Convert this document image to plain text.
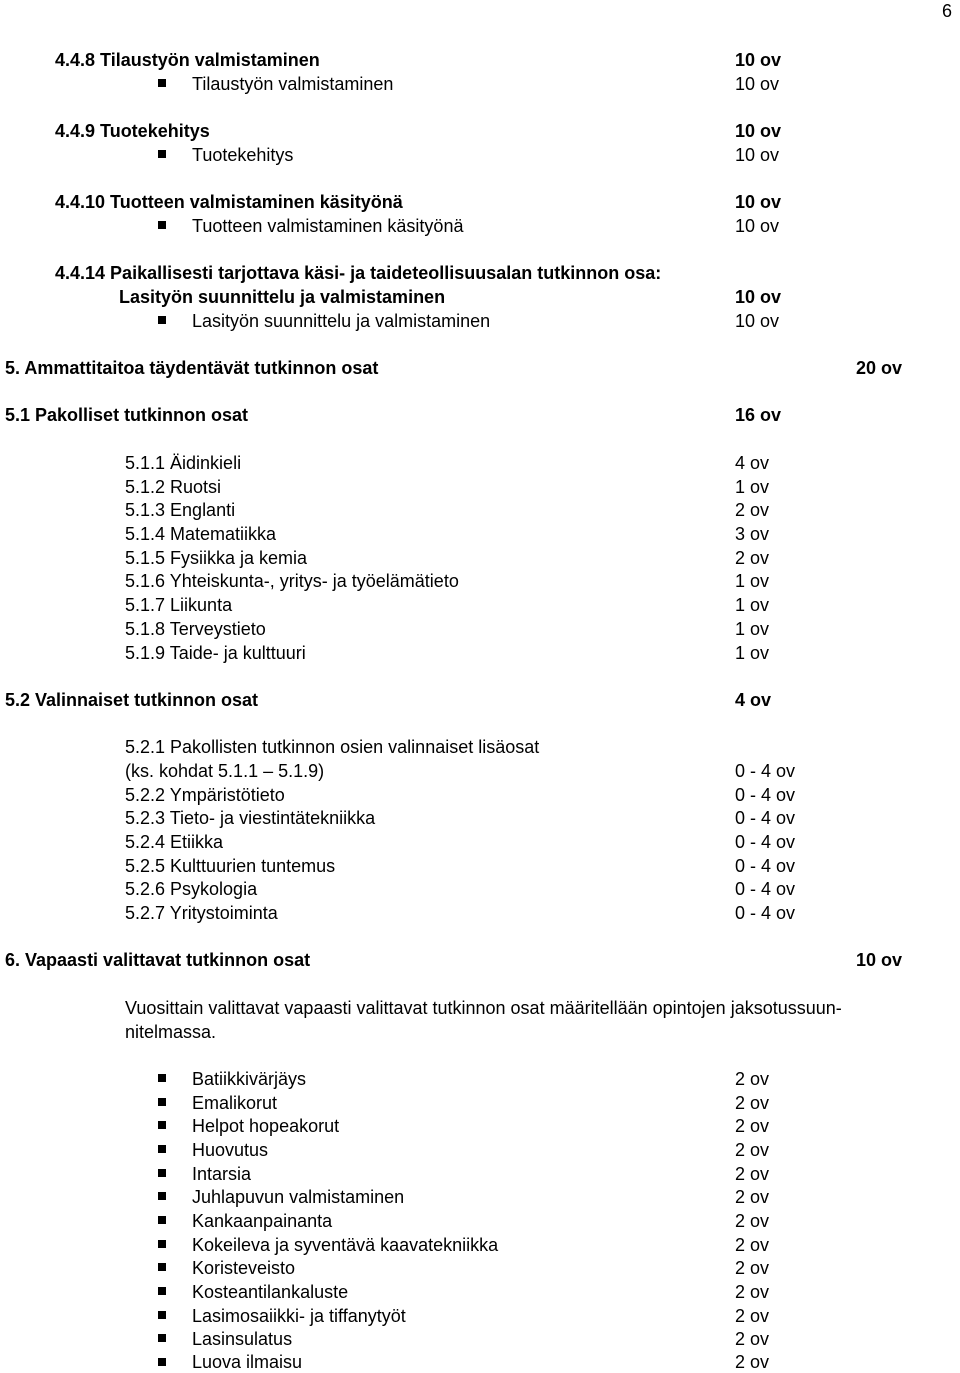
6
4.4.8 Tilaustyön valmistaminen	10 ov
Tilaustyön valmistaminen	10 ov
4.4.9 Tuotekehitys	10 ov
Tuotekehitys	10 ov
4.4.10 Tuotteen valmistaminen käsityönä	10 ov
Tuotteen valmistaminen käsityönä	10 ov
4.4.14 Paikallisesti tarjottava käsi- ja taideteollisuusalan tutkinnon osa:
Lasityön suunnittelu ja valmistaminen	10 ov
Lasityön suunnittelu ja valmistaminen	10 ov
5. Ammattitaitoa täydentävät tutkinnon osat	20 ov
5.1 Pakolliset tutkinnon osat	16 ov
5.1.1 Äidinkieli	4 ov
5.1.2 Ruotsi	1 ov
5.1.3 Englanti	2 ov
5.1.4 Matematiikka	3 ov
5.1.5 Fysiikka ja kemia	2 ov
5.1.6 Yhteiskunta-, yritys- ja työelämätieto	1 ov
5.1.7 Liikunta	1 ov
5.1.8 Terveystieto	1 ov
5.1.9 Taide- ja kulttuuri	1 ov
5.2 Valinnaiset tutkinnon osat	4 ov
5.2.1 Pakollisten tutkinnon osien valinnaiset lisäosat
(ks. kohdat 5.1.1 – 5.1.9)	0 - 4 ov
5.2.2 Ympäristötieto	0 - 4 ov
5.2.3 Tieto- ja viestintätekniikka	0 - 4 ov
5.2.4 Etiikka	0 - 4 ov
5.2.5 Kulttuurien tuntemus	0 - 4 ov
5.2.6 Psykologia	0 - 4 ov
5.2.7 Yritystoiminta	0 - 4 ov
6. Vapaasti valittavat tutkinnon osat	10 ov
Vuosittain valittavat vapaasti valittavat tutkinnon osat määritellään opintojen jaksotussuun-
nitelmassa.
Batiikkivärjäys	2 ov
Emalikorut	2 ov
Helpot hopeakorut	2 ov
Huovutus	2 ov
Intarsia	2 ov
Juhlapuvun valmistaminen	2 ov
Kankaanpainanta	2 ov
Kokeileva ja syventävä kaavatekniikka	2 ov
Koristeveisto	2 ov
Kosteantilankaluste	2 ov
Lasimosaiikki- ja tiffanytyöt	2 ov
Lasinsulatus	2 ov
Luova ilmaisu	2 ov
